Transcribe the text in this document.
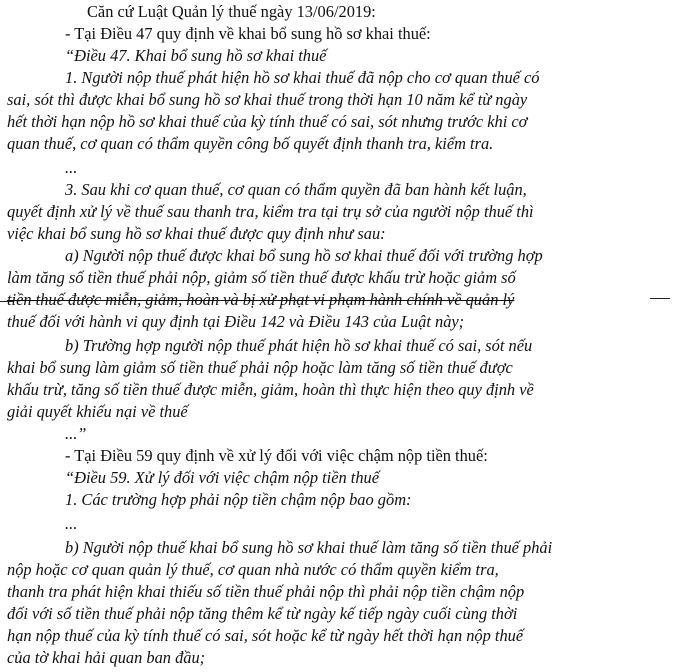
Căn cứ Luật Quản lý thuế ngày 13/06/2019:
- Tại Điều 47 quy định về khai bổ sung hồ sơ khai thuế:
“Điều 47. Khai bổ sung hồ sơ khai thuế
1. Người nộp thuế phát hiện hồ sơ khai thuế đã nộp cho cơ quan thuế có
sai, sót thì được khai bổ sung hồ sơ khai thuế trong thời hạn 10 năm kể từ ngày
hết thời hạn nộp hồ sơ khai thuế của kỳ tính thuế có sai, sót nhưng trước khi cơ
quan thuế, cơ quan có thẩm quyền công bố quyết định thanh tra, kiểm tra.
...
3. Sau khi cơ quan thuế, cơ quan có thẩm quyền đã ban hành kết luận,
quyết định xử lý về thuế sau thanh tra, kiểm tra tại trụ sở của người nộp thuế thì
việc khai bổ sung hồ sơ khai thuế được quy định như sau:
a) Người nộp thuế được khai bổ sung hồ sơ khai thuế đối với trường hợp
làm tăng số tiền thuế phải nộp, giảm số tiền thuế được khấu trừ hoặc giảm số
tiền thuế được miễn, giảm, hoàn và bị xử phạt vi phạm hành chính về quản lý
thuế đối với hành vi quy định tại Điều 142 và Điều 143 của Luật này;
b) Trường hợp người nộp thuế phát hiện hồ sơ khai thuế có sai, sót nếu
khai bổ sung làm giảm số tiền thuế phải nộp hoặc làm tăng số tiền thuế được
khấu trừ, tăng số tiền thuế được miễn, giảm, hoàn thì thực hiện theo quy định về
giải quyết khiếu nại về thuế
...”
- Tại Điều 59 quy định về xử lý đối với việc chậm nộp tiền thuế:
“Điều 59. Xử lý đối với việc chậm nộp tiền thuế
1. Các trường hợp phải nộp tiền chậm nộp bao gồm:
...
b) Người nộp thuế khai bổ sung hồ sơ khai thuế làm tăng số tiền thuế phải
nộp hoặc cơ quan quản lý thuế, cơ quan nhà nước có thẩm quyền kiểm tra,
thanh tra phát hiện khai thiếu số tiền thuế phải nộp thì phải nộp tiền chậm nộp
đối với số tiền thuế phải nộp tăng thêm kể từ ngày kế tiếp ngày cuối cùng thời
hạn nộp thuế của kỳ tính thuế có sai, sót hoặc kể từ ngày hết thời hạn nộp thuế
của tờ khai hải quan ban đầu;
